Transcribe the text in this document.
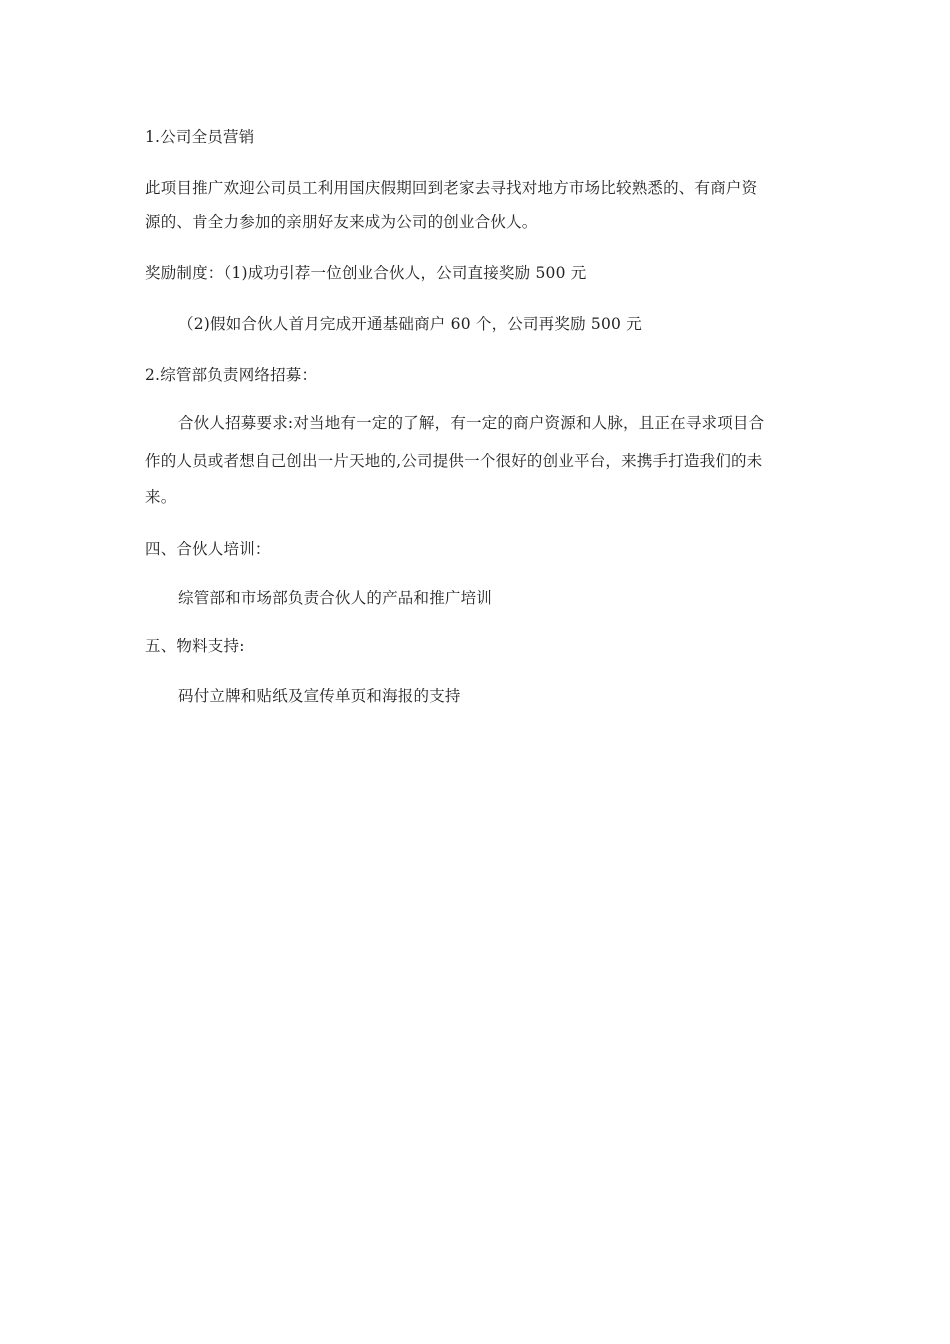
1.公司全员营销
此项目推广欢迎公司员工利用国庆假期回到老家去寻找对地方市场比较熟悉的、有商户资
源的、肯全力参加的亲朋好友来成为公司的创业合伙人。
奖励制度：（1)成功引荐一位创业合伙人，公司直接奖励 500 元
（2)假如合伙人首月完成开通基础商户 60 个，公司再奖励 500 元
2.综管部负责网络招募：
合伙人招募要求:对当地有一定的了解，有一定的商户资源和人脉，且正在寻求项目合
作的人员或者想自己创出一片天地的,公司提供一个很好的创业平台，来携手打造我们的未
来。
四、合伙人培训：
综管部和市场部负责合伙人的产品和推广培训
五、物料支持:
码付立牌和贴纸及宣传单页和海报的支持
